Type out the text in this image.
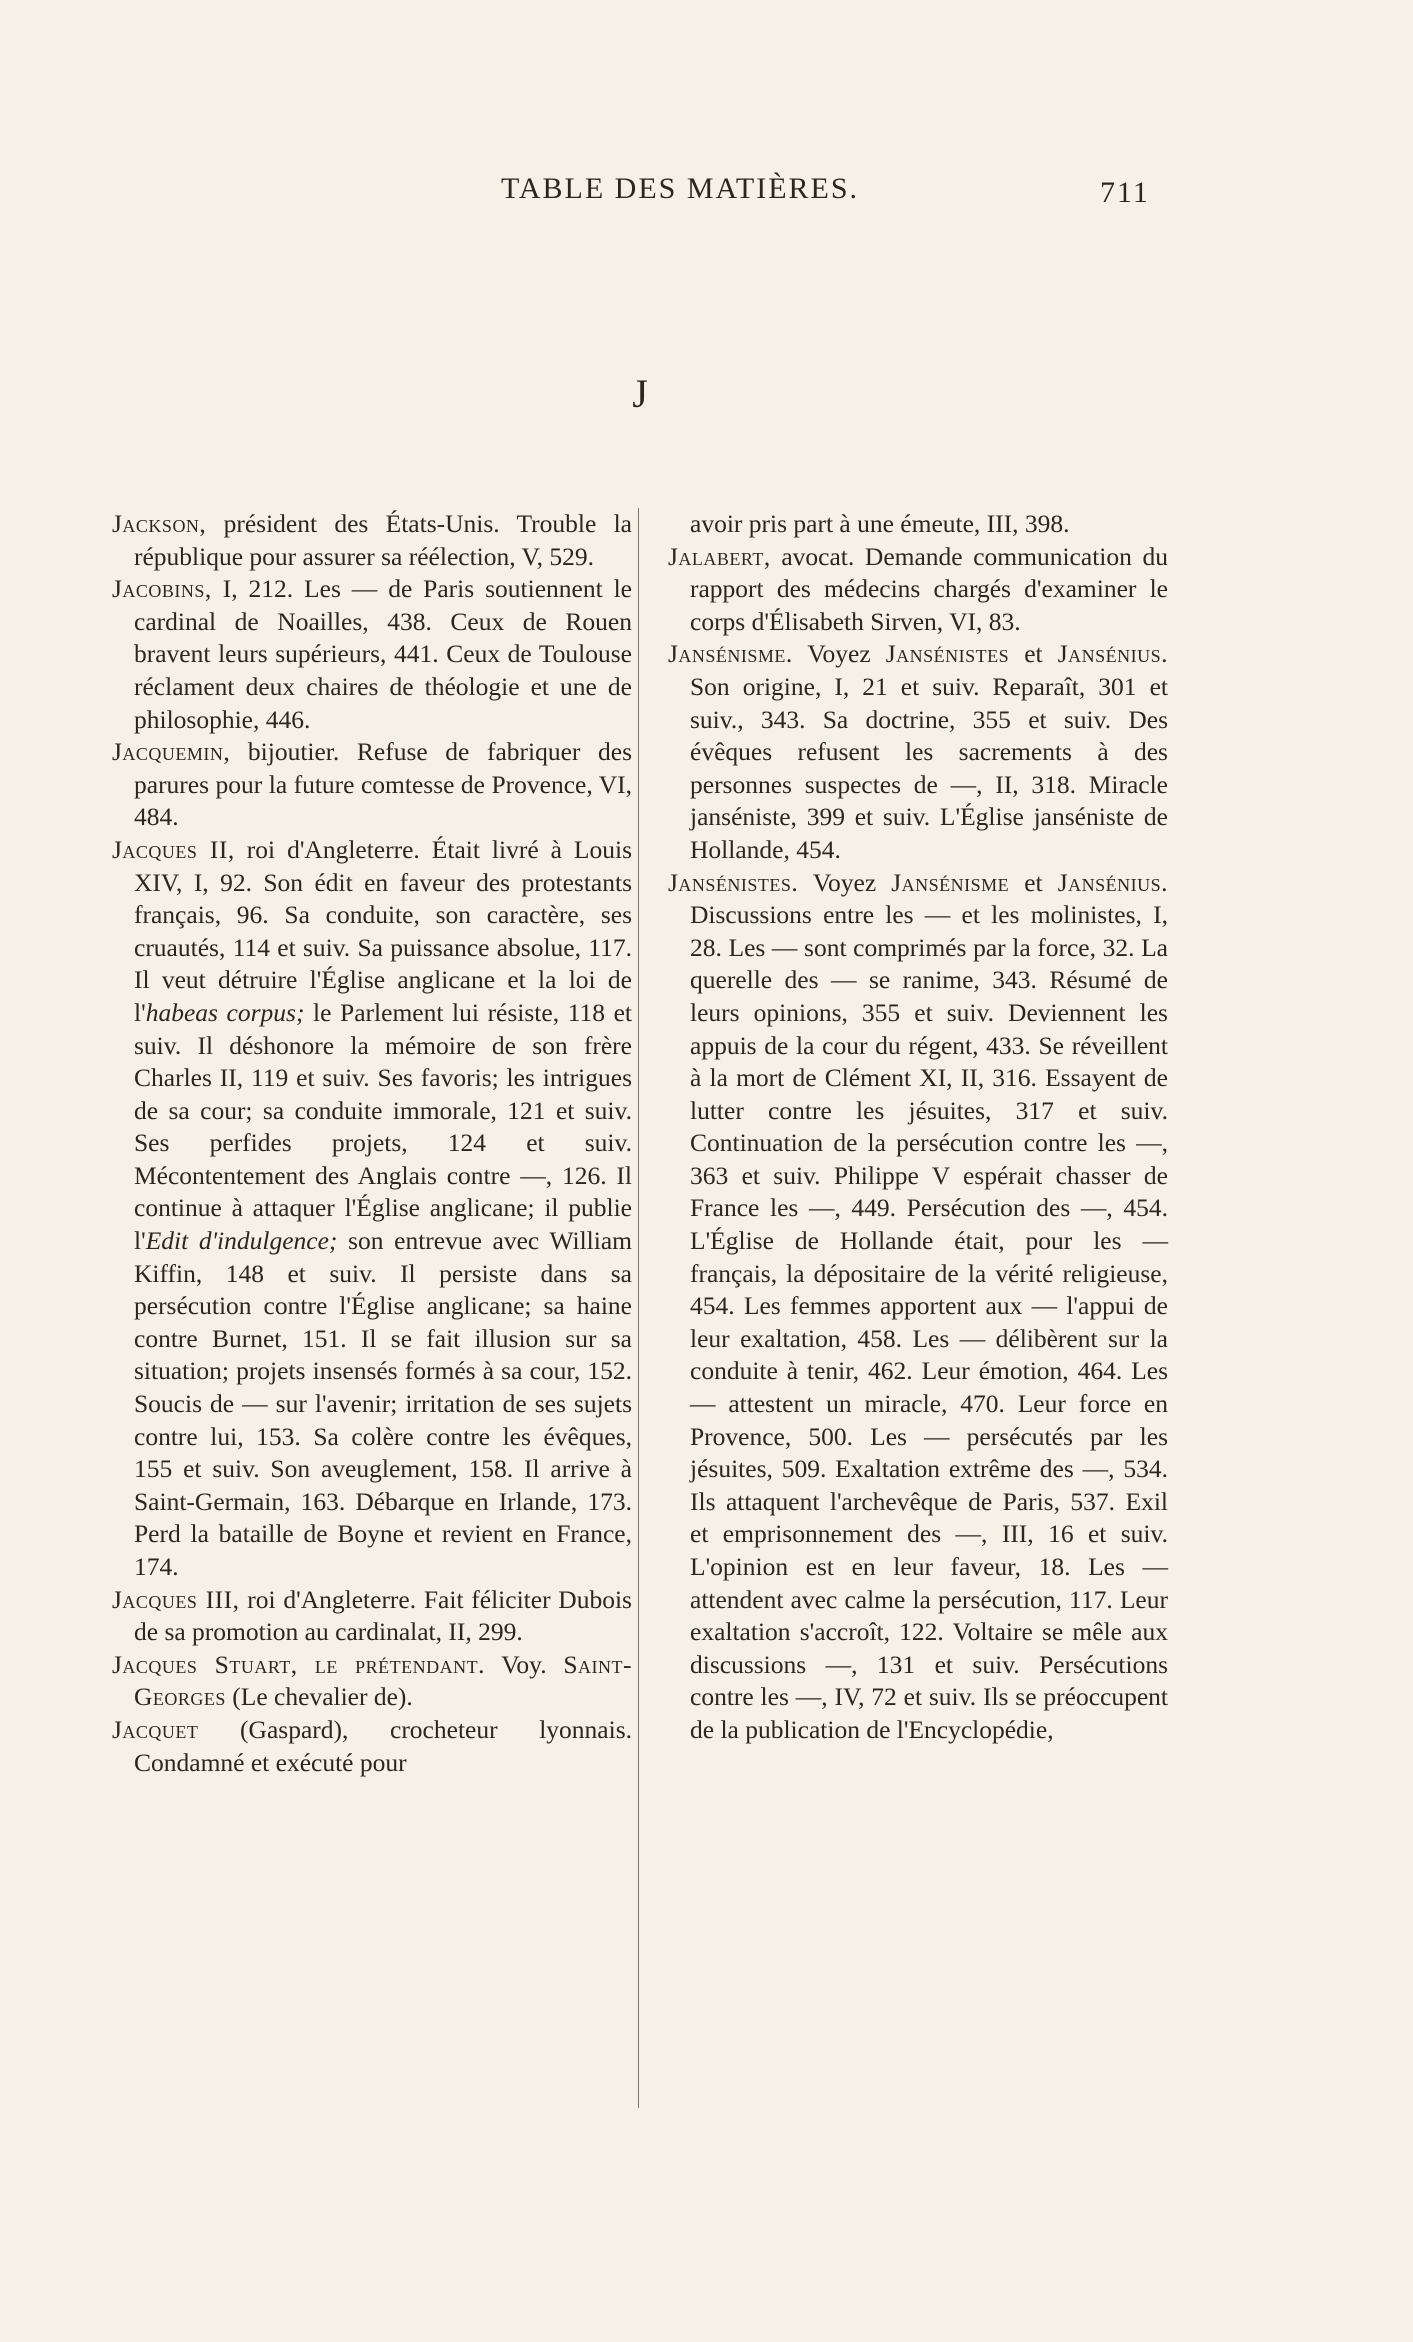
TABLE DES MATIÈRES.	711
J

Jackson, président des États-Unis. Trouble la république pour assurer sa réélection, V, 529.

Jacobins, I, 212. Les — de Paris soutiennent le cardinal de Noailles, 438. Ceux de Rouen bravent leurs supérieurs, 441. Ceux de Toulouse réclament deux chaires de théologie et une de philosophie, 446.

Jacquemin, bijoutier. Refuse de fabriquer des parures pour la future comtesse de Provence, VI, 484.

Jacques II, roi d'Angleterre. Était livré à Louis XIV, I, 92. Son édit en faveur des protestants français, 96. Sa conduite, son caractère, ses cruautés, 114 et suiv. Sa puissance absolue, 117. Il veut détruire l'Église anglicane et la loi de l'habeas corpus; le Parlement lui résiste, 118 et suiv. Il déshonore la mémoire de son frère Charles II, 119 et suiv. Ses favoris; les intrigues de sa cour; sa conduite immorale, 121 et suiv. Ses perfides projets, 124 et suiv. Mécontentement des Anglais contre —, 126. Il continue à attaquer l'Église anglicane; il publie l'Edit d'indulgence; son entrevue avec William Kiffin, 148 et suiv. Il persiste dans sa persécution contre l'Église anglicane; sa haine contre Burnet, 151. Il se fait illusion sur sa situation; projets insensés formés à sa cour, 152. Soucis de — sur l'avenir; irritation de ses sujets contre lui, 153. Sa colère contre les évêques, 155 et suiv. Son aveuglement, 158. Il arrive à Saint-Germain, 163. Débarque en Irlande, 173. Perd la bataille de Boyne et revient en France, 174.

Jacques III, roi d'Angleterre. Fait féliciter Dubois de sa promotion au cardinalat, II, 299.

Jacques Stuart, le prétendant. Voy. Saint-Georges (Le chevalier de).

Jacquet (Gaspard), crocheteur lyonnais. Condamné et exécuté pour

avoir pris part à une émeute, III, 398.

Jalabert, avocat. Demande communication du rapport des médecins chargés d'examiner le corps d'Élisabeth Sirven, VI, 83.

Jansénisme. Voyez Jansénistes et Jansénius. Son origine, I, 21 et suiv. Reparaît, 301 et suiv., 343. Sa doctrine, 355 et suiv. Des évêques refusent les sacrements à des personnes suspectes de —, II, 318. Miracle janséniste, 399 et suiv. L'Église janséniste de Hollande, 454.

Jansénistes. Voyez Jansénisme et Jansénius. Discussions entre les — et les molinistes, I, 28. Les — sont comprimés par la force, 32. La querelle des — se ranime, 343. Résumé de leurs opinions, 355 et suiv. Deviennent les appuis de la cour du régent, 433. Se réveillent à la mort de Clément XI, II, 316. Essayent de lutter contre les jésuites, 317 et suiv. Continuation de la persécution contre les —, 363 et suiv. Philippe V espérait chasser de France les —, 449. Persécution des —, 454. L'Église de Hollande était, pour les — français, la dépositaire de la vérité religieuse, 454. Les femmes apportent aux — l'appui de leur exaltation, 458. Les — délibèrent sur la conduite à tenir, 462. Leur émotion, 464. Les — attestent un miracle, 470. Leur force en Provence, 500. Les — persécutés par les jésuites, 509. Exaltation extrême des —, 534. Ils attaquent l'archevêque de Paris, 537. Exil et emprisonnement des —, III, 16 et suiv. L'opinion est en leur faveur, 18. Les — attendent avec calme la persécution, 117. Leur exaltation s'accroît, 122. Voltaire se mêle aux discussions —, 131 et suiv. Persécutions contre les —, IV, 72 et suiv. Ils se préoccupent de la publication de l'Encyclopédie,
